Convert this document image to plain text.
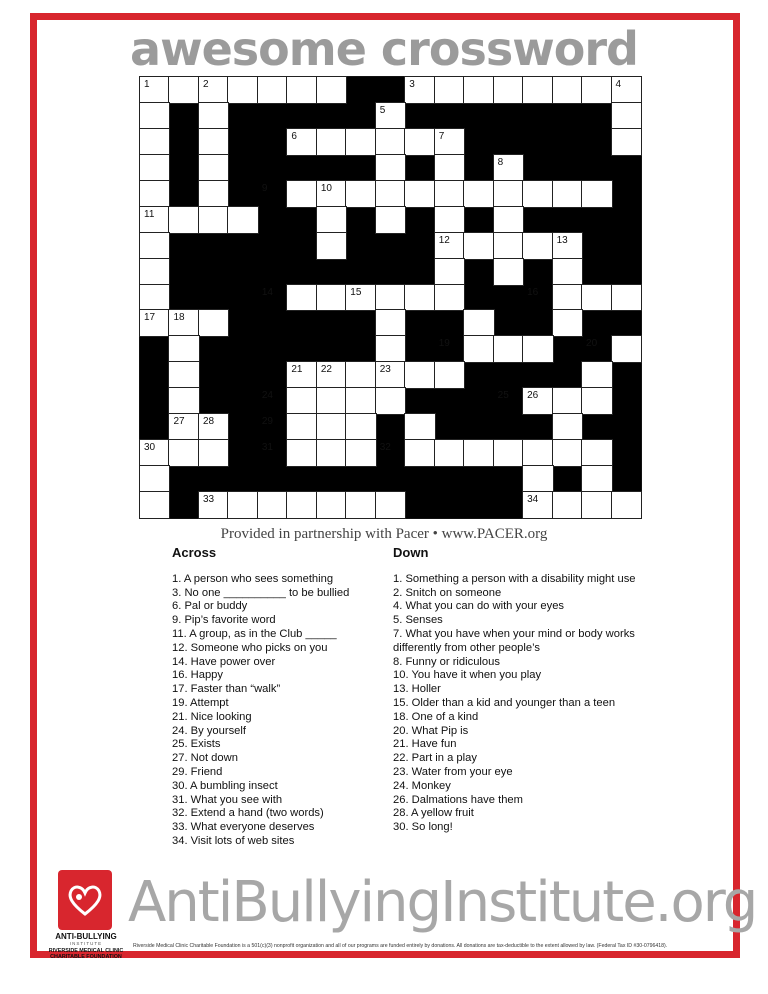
awesome crossword
1	2	3	4
5
6	7
8
9	10
11
12	13
14	15	16
17 18
19	20
21 22	23
24	25 26
27 28	29
30	31	32
33	34
Provided in partnership with Pacer • www.PACER.org
Across
1. A person who sees something
3. No one __________ to be bullied
6. Pal or buddy
9. Pip’s favorite word
11. A group, as in the Club _____
12. Someone who picks on you
14. Have power over
16. Happy
17. Faster than “walk”
19. Attempt
21. Nice looking
24. By yourself
25. Exists
27. Not down
29. Friend
30. A bumbling insect
31. What you see with
32. Extend a hand (two words)
33. What everyone deserves
34. Visit lots of web sites
Down
1. Something a person with a disability might use
2. Snitch on someone
4. What you can do with your eyes
5. Senses
7. What you have when your mind or body works differently from other people’s
8. Funny or ridiculous
10. You have it when you play
13. Holler
15. Older than a kid and younger than a teen
18. One of a kind
20. What Pip is
21. Have fun
22. Part in a play
23. Water from your eye
24. Monkey
26. Dalmations have them
28. A yellow fruit
30. So long!
ANTI-BULLYING
INSTITUTE
RIVERSIDE MEDICAL CLINIC
CHARITABLE FOUNDATION
AntiBullyingInstitute.org
Riverside Medical Clinic Charitable Foundation is a 501(c)(3) nonprofit organization and all of our programs are funded entirely by donations. All donations are tax-deductible to the extent allowed by law. (Federal Tax ID #30-0796418).
